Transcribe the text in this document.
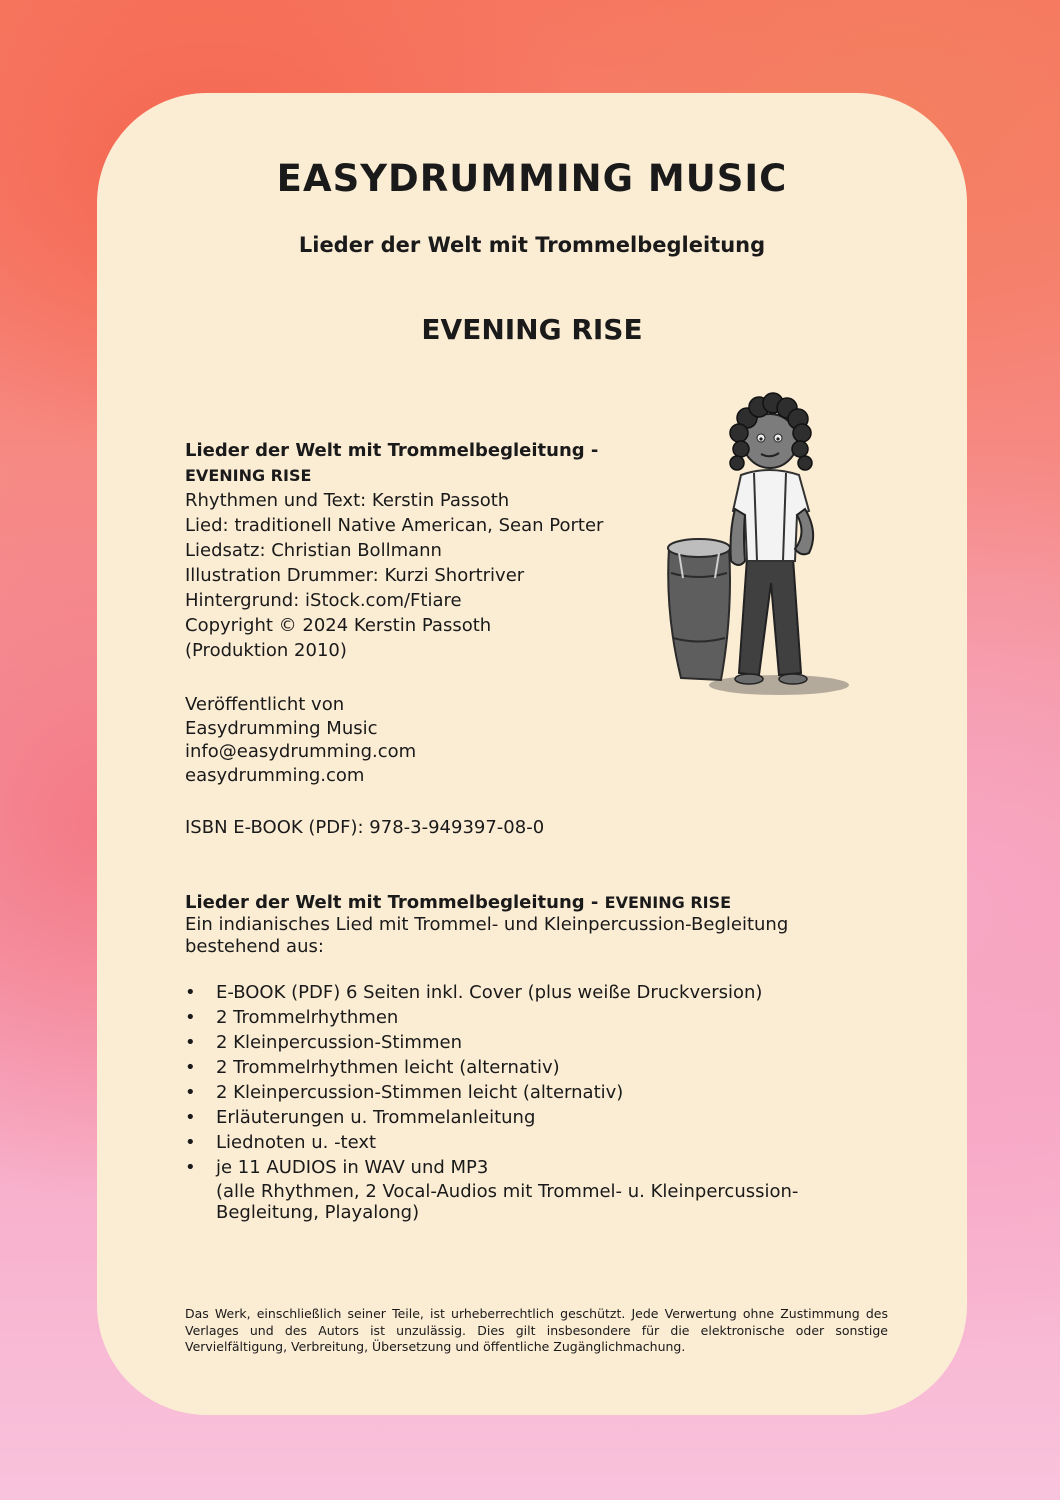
EASYDRUMMING MUSIC
Lieder der Welt mit Trommelbegleitung
EVENING RISE
Lieder der Welt mit Trommelbegleitung -
EVENING RISE
Rhythmen und Text: Kerstin Passoth
Lied: traditionell Native American, Sean Porter
Liedsatz: Christian Bollmann
Illustration Drummer: Kurzi Shortriver
Hintergrund: iStock.com/Ftiare
Copyright © 2024 Kerstin Passoth
(Produktion 2010)
Veröffentlicht von
Easydrumming Music
info@easydrumming.com
easydrumming.com
ISBN E-BOOK (PDF): 978-3-949397-08-0
Lieder der Welt mit Trommelbegleitung - EVENING RISE
Ein indianisches Lied mit Trommel- und Kleinpercussion-Begleitung bestehend aus:
• E-BOOK (PDF) 6 Seiten inkl. Cover (plus weiße Druckversion)
• 2 Trommelrhythmen
• 2 Kleinpercussion-Stimmen
• 2 Trommelrhythmen leicht (alternativ)
• 2 Kleinpercussion-Stimmen leicht (alternativ)
• Erläuterungen u. Trommelanleitung
• Liednoten u. -text
• je 11 AUDIOS in WAV und MP3
(alle Rhythmen, 2 Vocal-Audios mit Trommel- u. Kleinpercussion-Begleitung, Playalong)

Das Werk, einschließlich seiner Teile, ist urheberrechtlich geschützt. Jede Verwertung ohne Zustimmung des Verlages und des Autors ist unzulässig. Dies gilt insbesondere für die elektronische oder sonstige Vervielfältigung, Verbreitung, Übersetzung und öffentliche Zugänglichmachung.
